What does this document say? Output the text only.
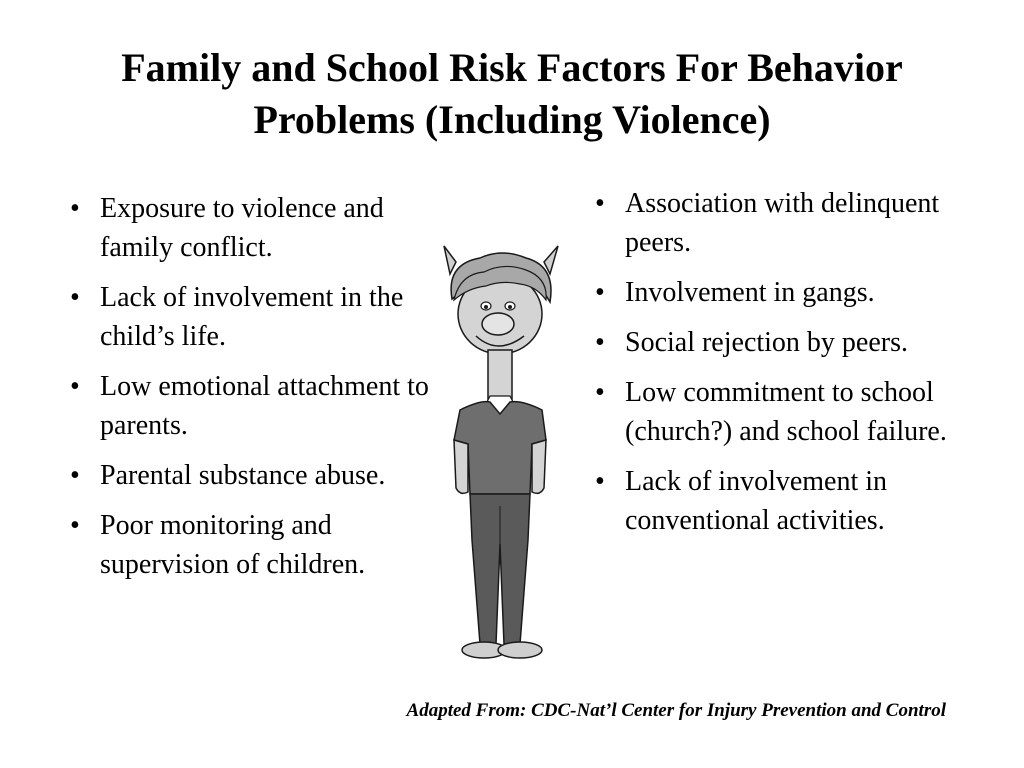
Family and School Risk Factors For Behavior
Problems (Including Violence)
• Exposure to violence and family conflict.
• Lack of involvement in the child’s life.
• Low emotional attachment to parents.
• Parental substance abuse.
• Poor monitoring and supervision of children.
• Association with delinquent peers.
• Involvement in gangs.
• Social rejection by peers.
• Low commitment to school (church?) and school failure.
• Lack of involvement in conventional activities.
Adapted From: CDC-Nat’l Center for Injury Prevention and Control
